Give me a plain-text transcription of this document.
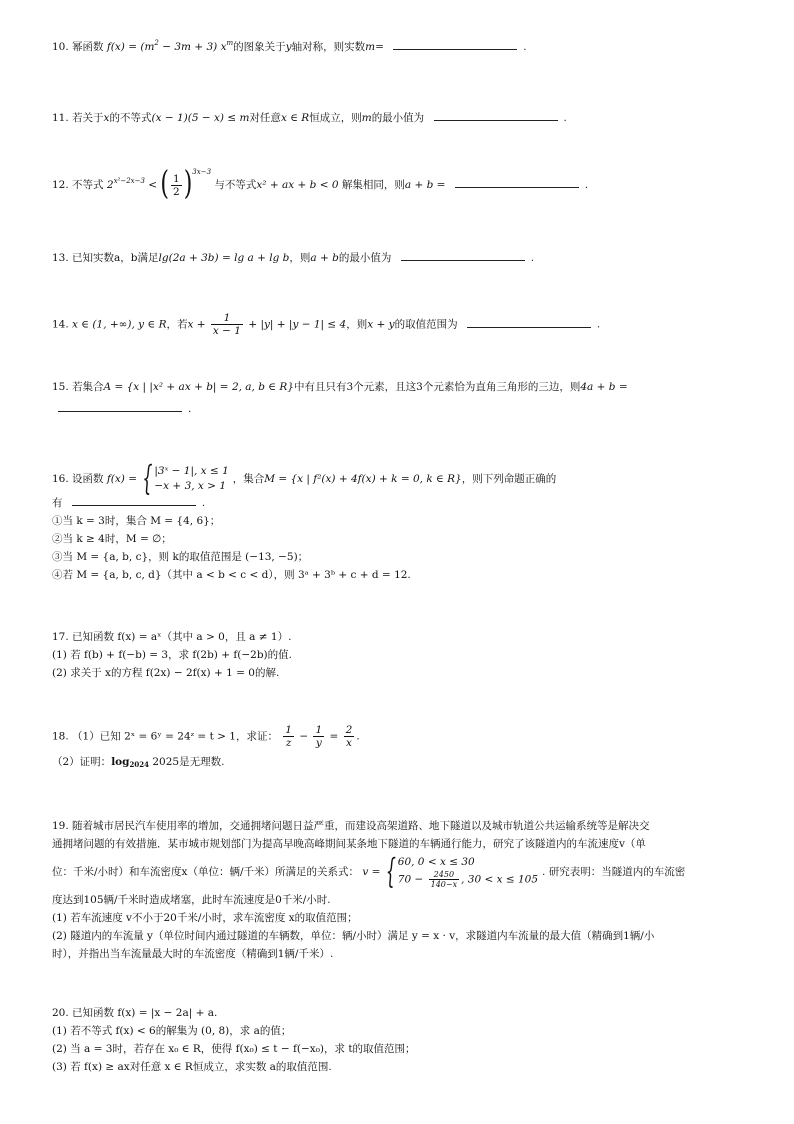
10. 幂函数 $f(x) = (m^2 - 3m + 3)$ $x^m$的图象关于y轴对称，则实数m=	.
11. 若关于x的不等式(x − 1)(5 − x) ≤ m对任意x ∈ R恒成立，则m的最小值为	.
12. 不等式 $2^{x^2-2x-3}$ < ( $\frac{1}{2} )^{3x-3}$ 与不等式x² + ax + b < 0 解集相同，则a + b =	.
13. 已知实数a，b满足lg(2a + 3b) = lg a + lg b，则a + b的最小值为	.
14. x ∈ (1, +∞), y ∈ R，若$x + \frac{1}{x - 1} + |y| + |y - 1| \le 4$，则x + y的取值范围为	.
15. 若集合A = {x | |x² + ax + b| = 2, a, b ∈ R}中有且只有3个元素，且这3个元素恰为直角三角形的三边，则4a + b =
.
16. 设函数 f(x) =
{ |3ˣ − 1|, x ≤ 1
−x + 3, x > 1
，集合M = {x | f²(x) + 4f(x) + k = 0, k ∈ R}，则下列命题正确的
有	.
①当 k = 3时，集合 M = {4, 6}；
②当 k ≥ 4时，M = ∅；
③当 M = {a, b, c}，则 k的取值范围是 (−13, −5)；
④若 M = {a, b, c, d}（其中 a < b < c < d），则 3ᵃ + 3ᵇ + c + d = 12.
17. 已知函数 f(x) = aˣ（其中 a > 0，且 a ≠ 1）.
(1) 若 f(b) + f(−b) = 3，求 f(2b) + f(−2b)的值.
(2) 求关于 x的方程 f(2x) − 2f(x) + 1 = 0的解.
18. （1）已知 2ˣ = 6ʸ = 24ᶻ = t > 1，求证： $\frac{1}{z} - \frac{1}{y} = \frac{2}{x}$ .
（2）证明：$\log_{2024} 2025$是无理数.
19. 随着城市居民汽车使用率的增加，交通拥堵问题日益严重，而建设高架道路、地下隧道以及城市轨道公共运输系统等是解决交
通拥堵问题的有效措施．某市城市规划部门为提高早晚高峰期间某条地下隧道的车辆通行能力，研究了该隧道内的车流速度v（单
位：千米/小时）和车流密度x（单位：辆/千米）所满足的关系式： v =
{ 60, 0 < x ≤ 30
$70 - \frac{2450}{140-x}$ , 30 < x ≤ 105
. 研究表明：当隧道内的车流密
度达到105辆/千米时造成堵塞，此时车流速度是0千米/小时.
(1) 若车流速度 v不小于20千米/小时，求车流密度 x的取值范围；
(2) 隧道内的车流量 y（单位时间内通过隧道的车辆数，单位：辆/小时）满足 y = x · v，求隧道内车流量的最大值（精确到1辆/小
时），并指出当车流量最大时的车流密度（精确到1辆/千米）.
20. 已知函数 f(x) = |x − 2a| + a.
(1) 若不等式 f(x) < 6的解集为 (0, 8)，求 a的值；
(2) 当 a = 3时，若存在 x₀ ∈ R，使得 f(x₀) ≤ t − f(−x₀)，求 t的取值范围；
(3) 若 f(x) ≥ ax对任意 x ∈ R恒成立，求实数 a的取值范围.
